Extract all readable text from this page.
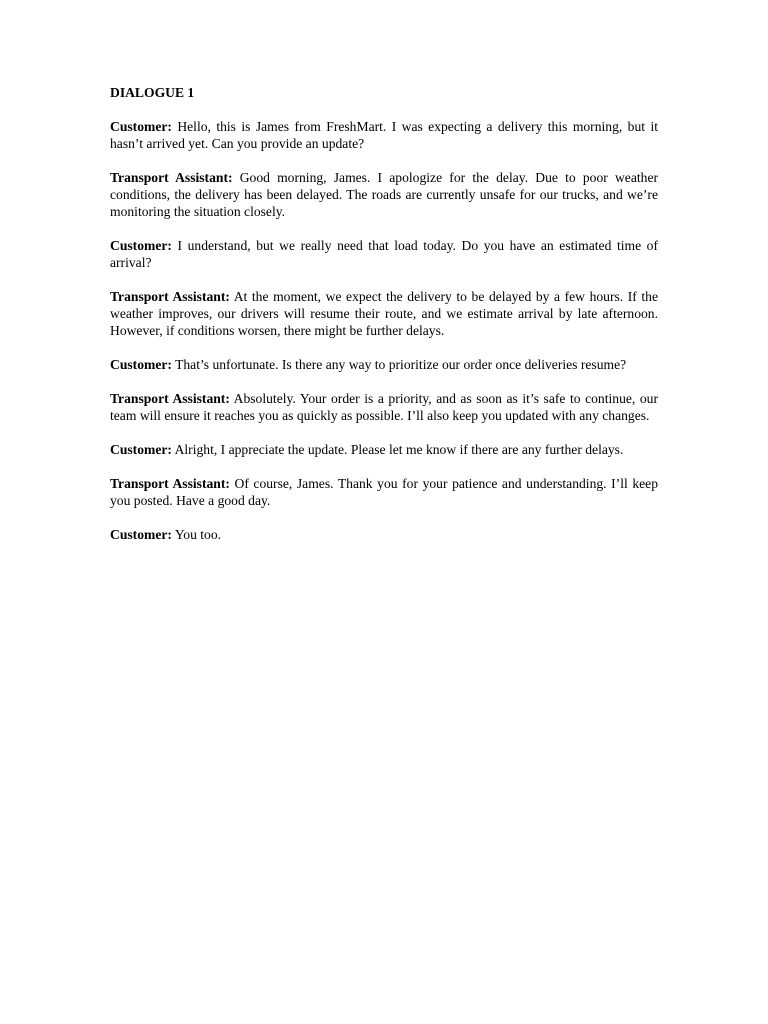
DIALOGUE 1

Customer: Hello, this is James from FreshMart. I was expecting a delivery this morning, but it hasn’t arrived yet. Can you provide an update?

Transport Assistant: Good morning, James. I apologize for the delay. Due to poor weather conditions, the delivery has been delayed. The roads are currently unsafe for our trucks, and we’re monitoring the situation closely.

Customer: I understand, but we really need that load today. Do you have an estimated time of arrival?

Transport Assistant: At the moment, we expect the delivery to be delayed by a few hours. If the weather improves, our drivers will resume their route, and we estimate arrival by late afternoon. However, if conditions worsen, there might be further delays.

Customer: That’s unfortunate. Is there any way to prioritize our order once deliveries resume?

Transport Assistant: Absolutely. Your order is a priority, and as soon as it’s safe to continue, our team will ensure it reaches you as quickly as possible. I’ll also keep you updated with any changes.

Customer: Alright, I appreciate the update. Please let me know if there are any further delays.

Transport Assistant: Of course, James. Thank you for your patience and understanding. I’ll keep you posted. Have a good day.

Customer: You too.
